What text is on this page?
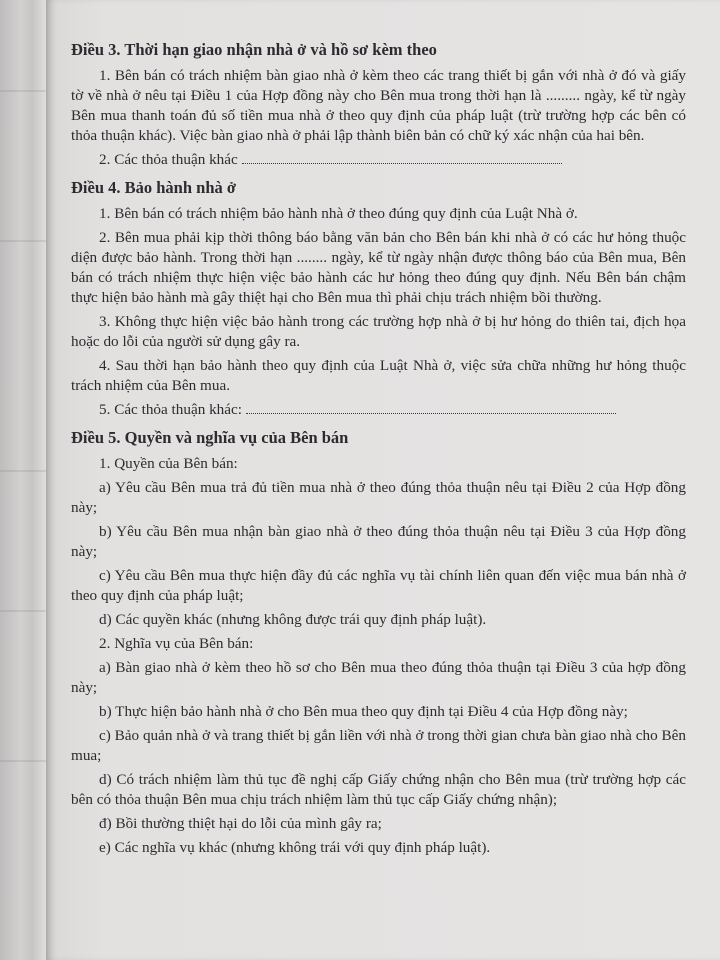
Điều 3. Thời hạn giao nhận nhà ở và hồ sơ kèm theo

1. Bên bán có trách nhiệm bàn giao nhà ở kèm theo các trang thiết bị gắn với nhà ở đó và giấy tờ về nhà ở nêu tại Điều 1 của Hợp đồng này cho Bên mua trong thời hạn là ......... ngày, kể từ ngày Bên mua thanh toán đủ số tiền mua nhà ở theo quy định của pháp luật (trừ trường hợp các bên có thỏa thuận khác). Việc bàn giao nhà ở phải lập thành biên bản có chữ ký xác nhận của hai bên.

2. Các thỏa thuận khác

Điều 4. Bảo hành nhà ở

1. Bên bán có trách nhiệm bảo hành nhà ở theo đúng quy định của Luật Nhà ở.

2. Bên mua phải kịp thời thông báo bằng văn bản cho Bên bán khi nhà ở có các hư hỏng thuộc diện được bảo hành. Trong thời hạn ........ ngày, kể từ ngày nhận được thông báo của Bên mua, Bên bán có trách nhiệm thực hiện việc bảo hành các hư hỏng theo đúng quy định. Nếu Bên bán chậm thực hiện bảo hành mà gây thiệt hại cho Bên mua thì phải chịu trách nhiệm bồi thường.

3. Không thực hiện việc bảo hành trong các trường hợp nhà ở bị hư hỏng do thiên tai, địch họa hoặc do lỗi của người sử dụng gây ra.

4. Sau thời hạn bảo hành theo quy định của Luật Nhà ở, việc sửa chữa những hư hỏng thuộc trách nhiệm của Bên mua.

5. Các thỏa thuận khác:

Điều 5. Quyền và nghĩa vụ của Bên bán

1. Quyền của Bên bán:

a) Yêu cầu Bên mua trả đủ tiền mua nhà ở theo đúng thỏa thuận nêu tại Điều 2 của Hợp đồng này;

b) Yêu cầu Bên mua nhận bàn giao nhà ở theo đúng thỏa thuận nêu tại Điều 3 của Hợp đồng này;

c) Yêu cầu Bên mua thực hiện đầy đủ các nghĩa vụ tài chính liên quan đến việc mua bán nhà ở theo quy định của pháp luật;

d) Các quyền khác (nhưng không được trái quy định pháp luật).

2. Nghĩa vụ của Bên bán:

a) Bàn giao nhà ở kèm theo hồ sơ cho Bên mua theo đúng thỏa thuận tại Điều 3 của hợp đồng này;

b) Thực hiện bảo hành nhà ở cho Bên mua theo quy định tại Điều 4 của Hợp đồng này;

c) Bảo quản nhà ở và trang thiết bị gắn liền với nhà ở trong thời gian chưa bàn giao nhà cho Bên mua;

d) Có trách nhiệm làm thủ tục đề nghị cấp Giấy chứng nhận cho Bên mua (trừ trường hợp các bên có thỏa thuận Bên mua chịu trách nhiệm làm thủ tục cấp Giấy chứng nhận);

đ) Bồi thường thiệt hại do lỗi của mình gây ra;

e) Các nghĩa vụ khác (nhưng không trái với quy định pháp luật).
